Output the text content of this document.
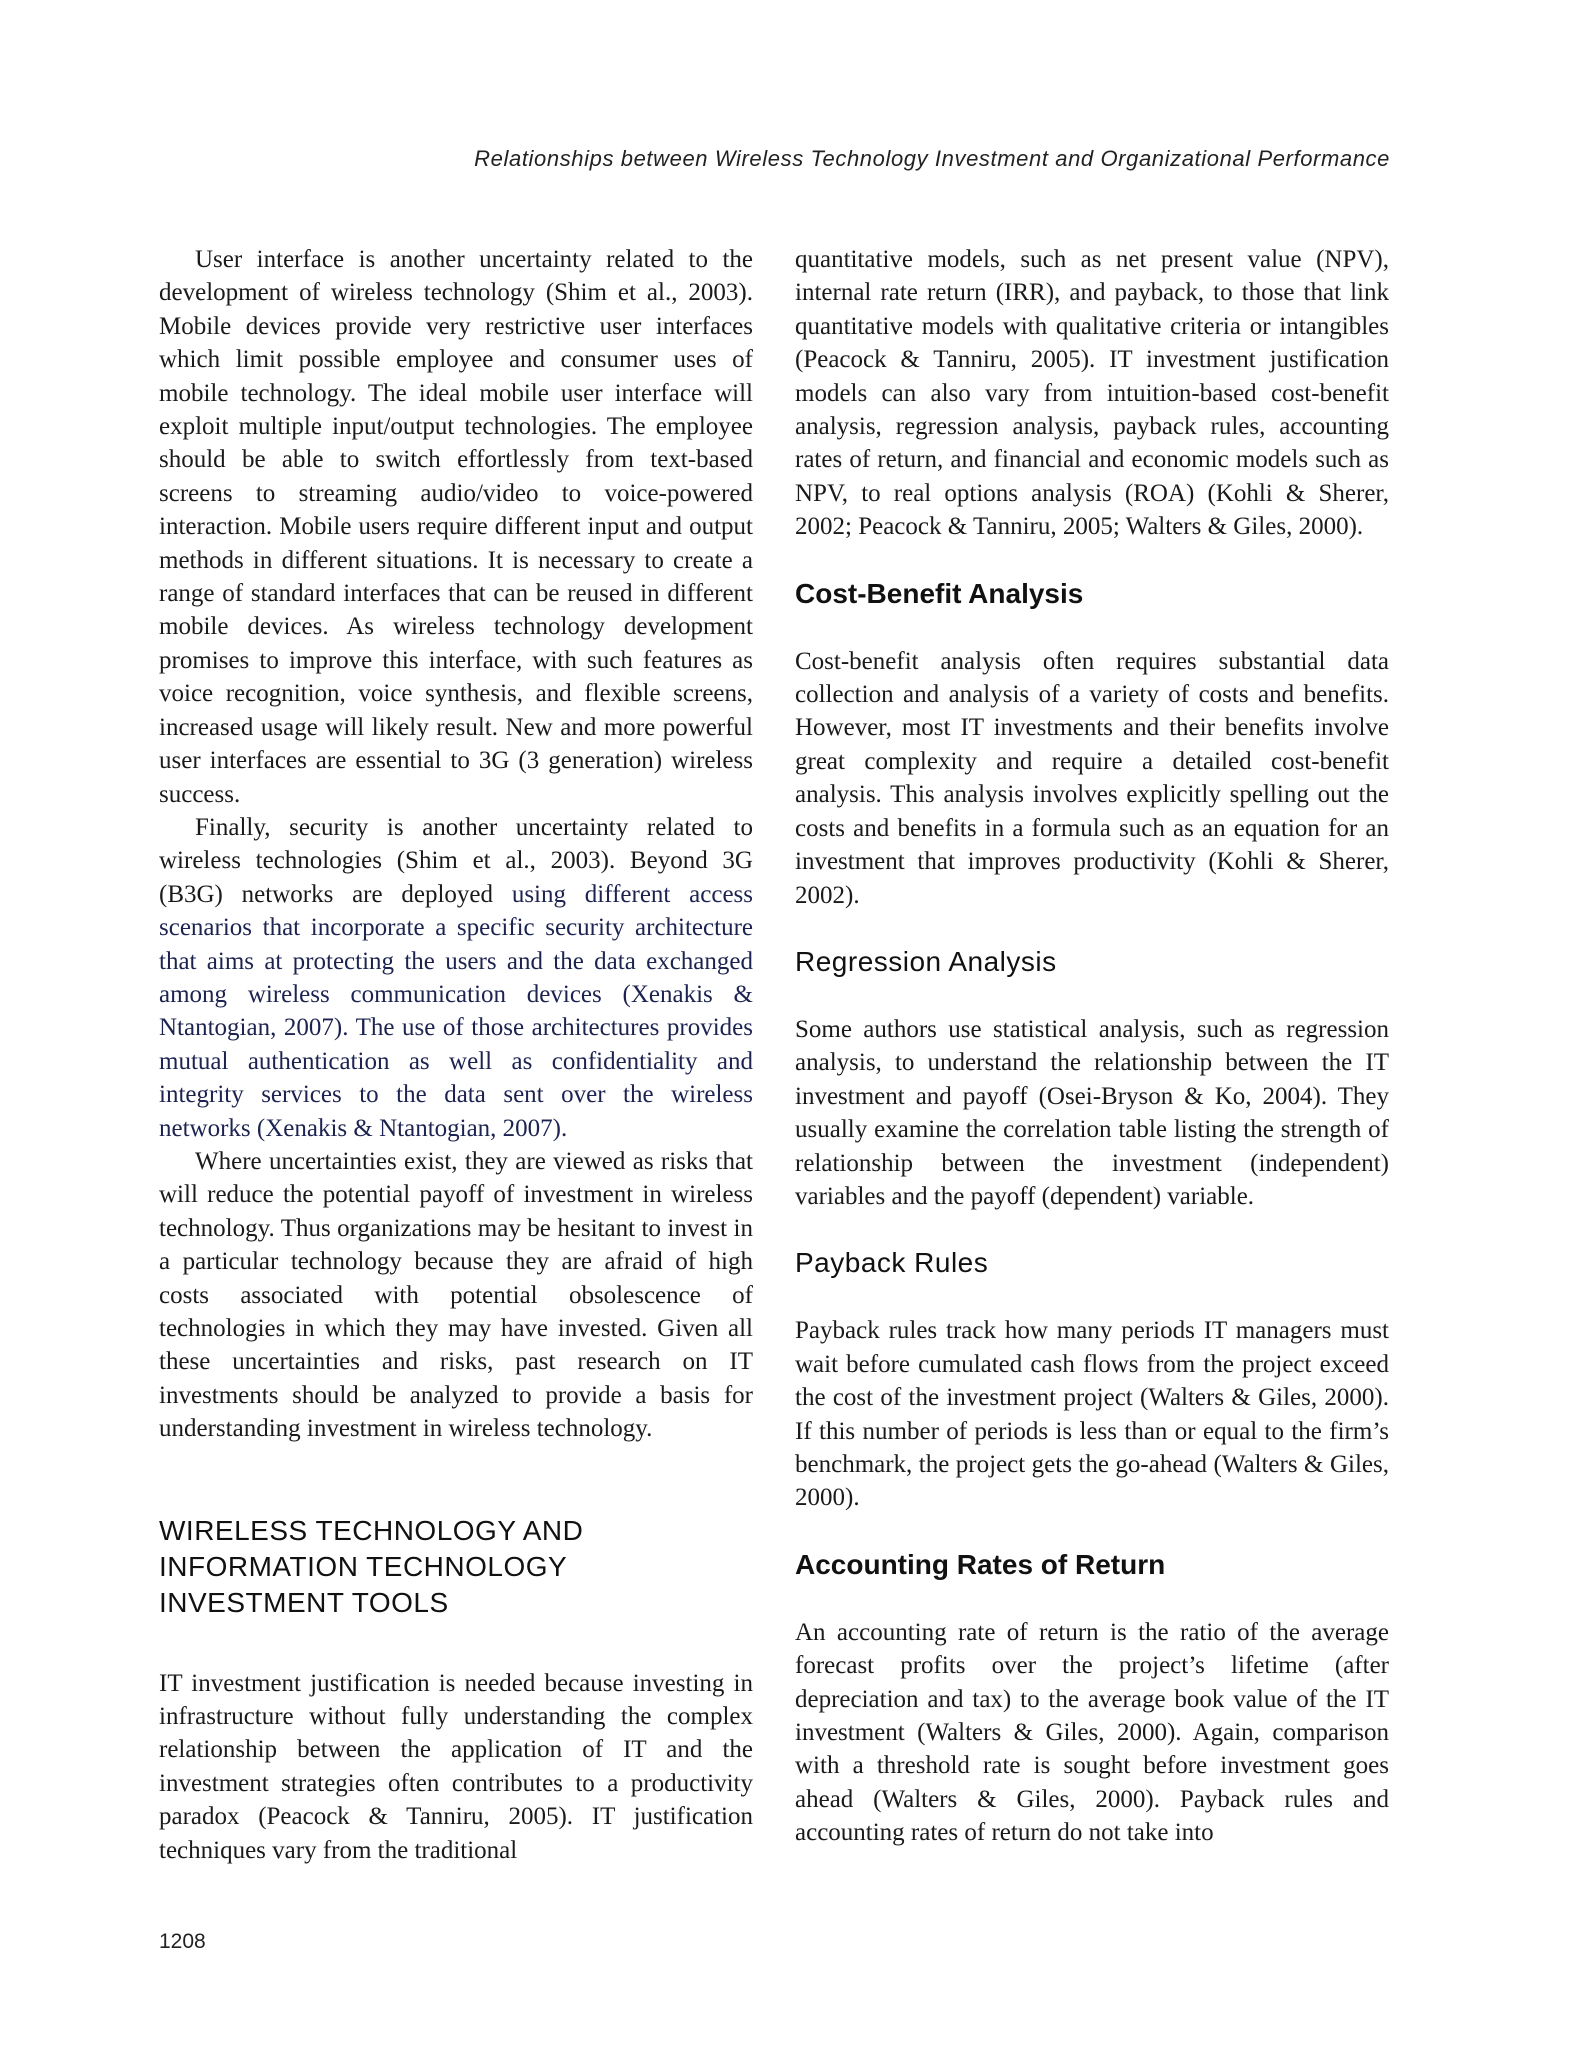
Relationships between Wireless Technology Investment and Organizational Performance

User interface is another uncertainty related to the development of wireless technology (Shim et al., 2003). Mobile devices provide very restrictive user interfaces which limit possible employee and consumer uses of mobile technology. The ideal mobile user interface will exploit multiple input/output technologies. The employee should be able to switch effortlessly from text-based screens to streaming audio/video to voice-powered interaction. Mobile users require different input and output methods in different situations. It is necessary to create a range of standard interfaces that can be reused in different mobile devices. As wireless technology development promises to improve this interface, with such features as voice recognition, voice synthesis, and flexible screens, increased usage will likely result. New and more powerful user interfaces are essential to 3G (3 generation) wireless success.

Finally, security is another uncertainty related to wireless technologies (Shim et al., 2003). Beyond 3G (B3G) networks are deployed using different access scenarios that incorporate a specific security architecture that aims at protecting the users and the data exchanged among wireless communication devices (Xenakis & Ntantogian, 2007). The use of those architectures provides mutual authentication as well as confidentiality and integrity services to the data sent over the wireless networks (Xenakis & Ntantogian, 2007).

Where uncertainties exist, they are viewed as risks that will reduce the potential payoff of investment in wireless technology. Thus organizations may be hesitant to invest in a particular technology because they are afraid of high costs associated with potential obsolescence of technologies in which they may have invested. Given all these uncertainties and risks, past research on IT investments should be analyzed to provide a basis for understanding investment in wireless technology.

WIRELESS TECHNOLOGY AND INFORMATION TECHNOLOGY INVESTMENT TOOLS

IT investment justification is needed because investing in infrastructure without fully understanding the complex relationship between the application of IT and the investment strategies often contributes to a productivity paradox (Peacock & Tanniru, 2005). IT justification techniques vary from the traditional

quantitative models, such as net present value (NPV), internal rate return (IRR), and payback, to those that link quantitative models with qualitative criteria or intangibles (Peacock & Tanniru, 2005). IT investment justification models can also vary from intuition-based cost-benefit analysis, regression analysis, payback rules, accounting rates of return, and financial and economic models such as NPV, to real options analysis (ROA) (Kohli & Sherer, 2002; Peacock & Tanniru, 2005; Walters & Giles, 2000).

Cost-Benefit Analysis

Cost-benefit analysis often requires substantial data collection and analysis of a variety of costs and benefits. However, most IT investments and their benefits involve great complexity and require a detailed cost-benefit analysis. This analysis involves explicitly spelling out the costs and benefits in a formula such as an equation for an investment that improves productivity (Kohli & Sherer, 2002).

Regression Analysis

Some authors use statistical analysis, such as regression analysis, to understand the relationship between the IT investment and payoff (Osei-Bryson & Ko, 2004). They usually examine the correlation table listing the strength of relationship between the investment (independent) variables and the payoff (dependent) variable.

Payback Rules

Payback rules track how many periods IT managers must wait before cumulated cash flows from the project exceed the cost of the investment project (Walters & Giles, 2000). If this number of periods is less than or equal to the firm’s benchmark, the project gets the go-ahead (Walters & Giles, 2000).

Accounting Rates of Return

An accounting rate of return is the ratio of the average forecast profits over the project’s lifetime (after depreciation and tax) to the average book value of the IT investment (Walters & Giles, 2000). Again, comparison with a threshold rate is sought before investment goes ahead (Walters & Giles, 2000). Payback rules and accounting rates of return do not take into

1208
